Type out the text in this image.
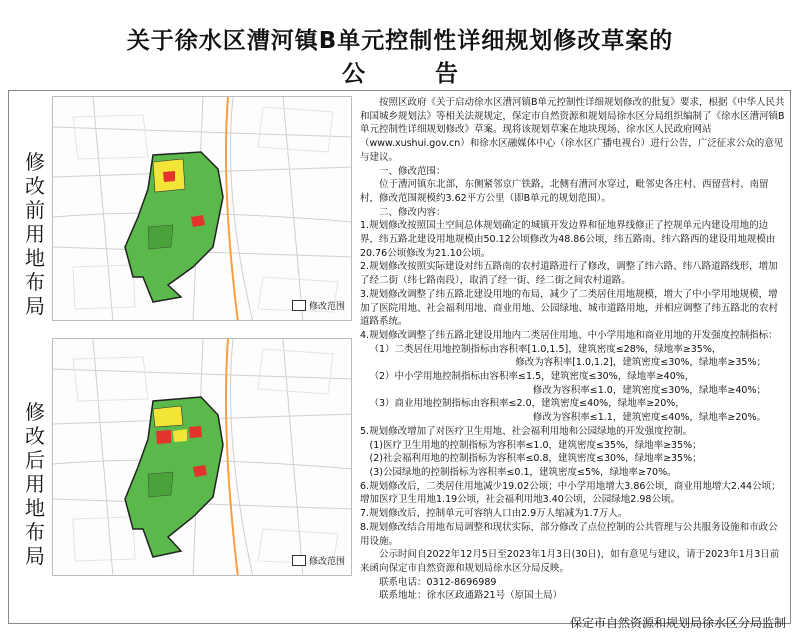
关于徐水区漕河镇B单元控制性详细规划修改草案的
公告
修改前用地布局
修改后用地布局
修改范围
修改范围

按照区政府《关于启动徐水区漕河镇B单元控制性详细规划修改的批复》要求，根据《中华人民共和国城乡规划法》等相关法规规定，保定市自然资源和规划局徐水区分局组织编制了《徐水区漕河镇B单元控制性详细规划修改》草案。现将该规划草案在地块现场、徐水区人民政府网站（www.xushui.gov.cn）和徐水区融媒体中心（徐水区广播电视台）进行公告，广泛征求公众的意见与建议。

一、修改范围：

位于漕河镇东北部，东侧紧邻京广铁路，北侧有漕河水穿过，毗邻史各庄村、西留营村、南留村，修改范围规模约3.62平方公里（即B单元的规划范围）。

二、修改内容：

1.规划修改按照国土空间总体规划确定的城镇开发边界和征地界线修正了控规单元内建设用地的边界，纬五路北建设用地规模由50.12公顷修改为48.86公顷，纬五路南、纬六路西的建设用地规模由20.76公顷修改为21.10公顷。

2.规划修改按照实际建设对纬五路南的农村道路进行了修改，调整了纬六路、纬八路道路线形，增加了经二街（纬七路南段），取消了经一街、经二街之间农村道路。

3.规划修改调整了纬五路北建设用地的布局，减少了二类居住用地规模，增大了中小学用地规模，增加了医院用地、社会福利用地、商业用地、公园绿地、城市道路用地，并相应调整了纬五路北的农村道路系统。

4.规划修改调整了纬五路北建设用地内二类居住用地、中小学用地和商业用地的开发强度控制指标：

（1）二类居住用地控制指标由容积率[1.0,1.5]，建筑密度≤28%，绿地率≥35%，

修改为容积率[1.0,1.2]，建筑密度≤30%，绿地率≥35%；

（2）中小学用地控制指标由容积率≤1.5，建筑密度≤30%，绿地率≥40%，

修改为容积率≤1.0，建筑密度≤30%，绿地率≥40%；

（3）商业用地控制指标由容积率≤2.0，建筑密度≤40%，绿地率≥20%，

修改为容积率≤1.1，建筑密度≤40%，绿地率≥20%。

5.规划修改增加了对医疗卫生用地、社会福利用地和公园绿地的开发强度控制。

(1)医疗卫生用地的控制指标为容积率≤1.0，建筑密度≤35%，绿地率≥35%；

(2)社会福利用地的控制指标为容积率≤0.8，建筑密度≤30%，绿地率≥35%；

(3)公园绿地的控制指标为容积率≤0.1，建筑密度≤5%，绿地率≥70%。

6.规划修改后，二类居住用地减少19.02公顷；中小学用地增大3.86公顷，商业用地增大2.44公顷；增加医疗卫生用地1.19公顷，社会福利用地3.40公顷，公园绿地2.98公顷。

7.规划修改后，控制单元可容纳人口由2.9万人缩减为1.7万人。

8.规划修改结合用地布局调整和现状实际，部分修改了点位控制的公共管理与公共服务设施和市政公用设施。

公示时间自2022年12月5日至2023年1月3日(30日)，如有意见与建议，请于2023年1月3日前来函向保定市自然资源和规划局徐水区分局反映。

联系电话：0312-8696989

联系地址：徐水区政通路21号（原国土局）

保定市自然资源和规划局徐水区分局监制
